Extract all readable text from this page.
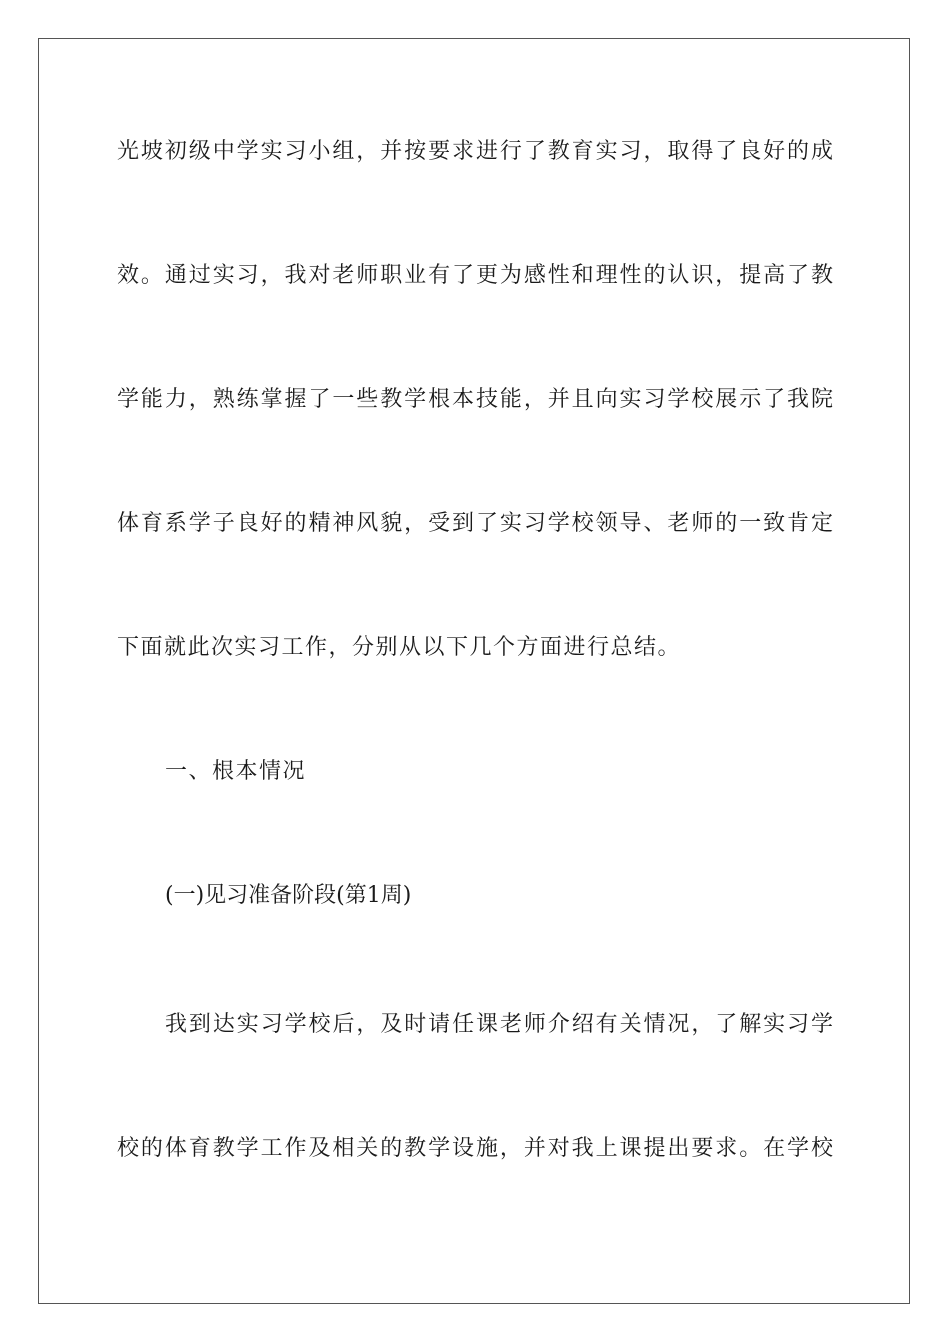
光坡初级中学实习小组，并按要求进行了教育实习，取得了良好的成
效。通过实习，我对老师职业有了更为感性和理性的认识，提高了教
学能力，熟练掌握了一些教学根本技能，并且向实习学校展示了我院
体育系学子良好的精神风貌，受到了实习学校领导、老师的一致肯定
下面就此次实习工作，分别从以下几个方面进行总结。
一、根本情况
(一)见习准备阶段(第1周)
我到达实习学校后，及时请任课老师介绍有关情况，了解实习学
校的体育教学工作及相关的教学设施，并对我上课提出要求。在学校
